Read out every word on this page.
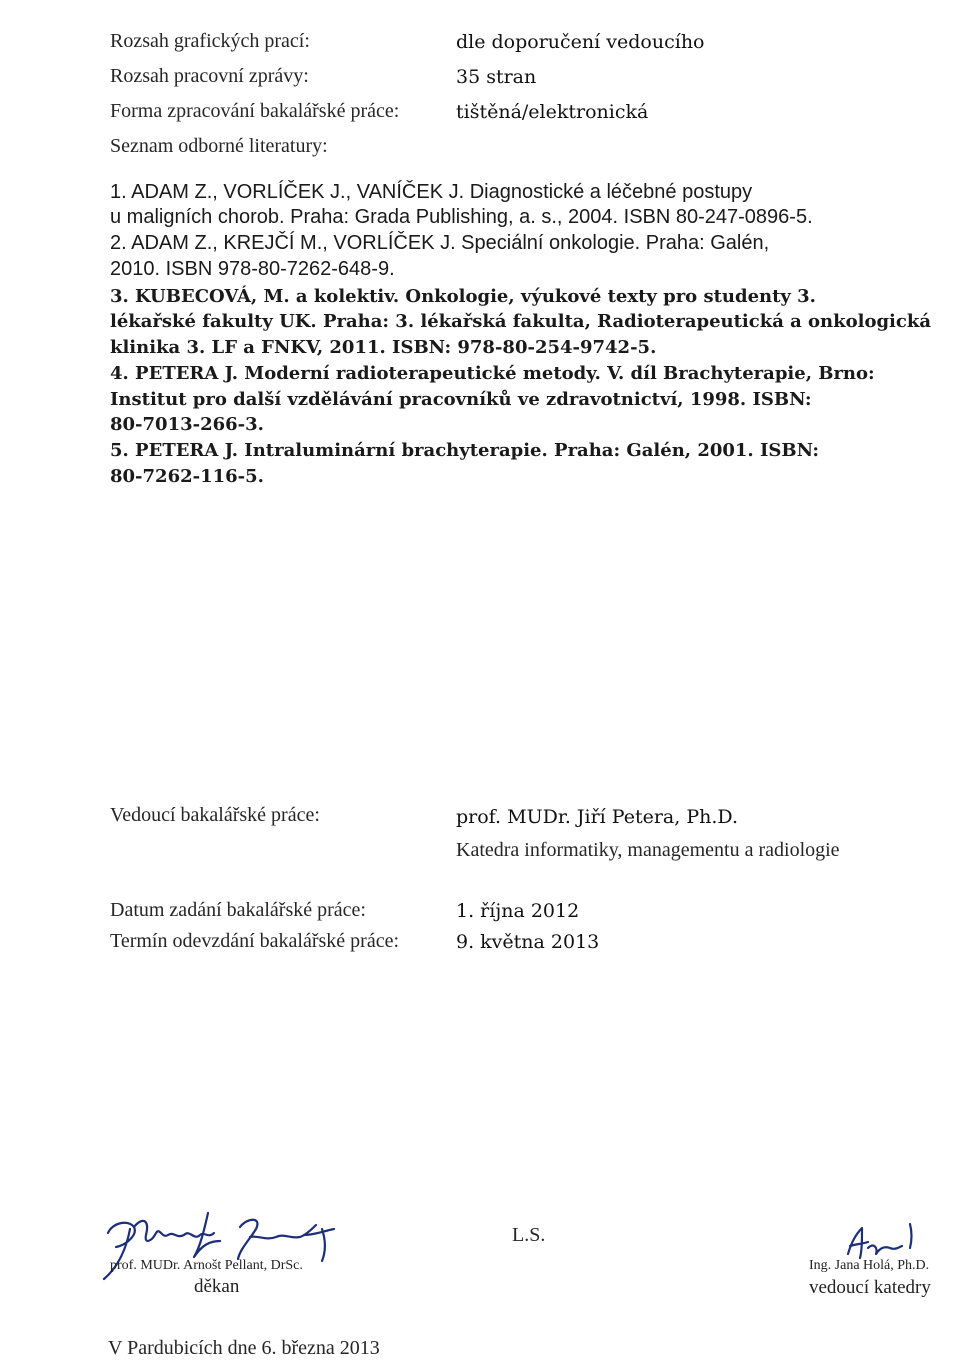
Rozsah grafických prací:	dle doporučení vedoucího
Rozsah pracovní zprávy:	35 stran
Forma zpracování bakalářské práce:	tištěná/elektronická
Seznam odborné literatury:
1. ADAM Z., VORLÍČEK J., VANÍČEK J. Diagnostické a léčebné postupy
u maligních chorob. Praha: Grada Publishing, a. s., 2004. ISBN 80-247-0896-5.
2. ADAM Z., KREJČÍ M., VORLÍČEK J. Speciální onkologie. Praha: Galén,
2010. ISBN 978-80-7262-648-9.
3. KUBECOVÁ, M. a kolektiv. Onkologie, výukové texty pro studenty 3.
lékařské fakulty UK. Praha: 3. lékařská fakulta, Radioterapeutická a onkologická
klinika 3. LF a FNKV, 2011. ISBN: 978-80-254-9742-5.
4. PETERA J. Moderní radioterapeutické metody. V. díl Brachyterapie, Brno:
Institut pro další vzdělávání pracovníků ve zdravotnictví, 1998. ISBN:
80-7013-266-3.
5. PETERA J. Intraluminární brachyterapie. Praha: Galén, 2001. ISBN:
80-7262-116-5.
Vedoucí bakalářské práce:	prof. MUDr. Jiří Petera, Ph.D.
Katedra informatiky, managementu a radiologie
Datum zadání bakalářské práce:	1. října 2012
Termín odevzdání bakalářské práce:	9. května 2013
prof. MUDr. Arnošt Pellant, DrSc.
děkan
L.S.
Ing. Jana Holá, Ph.D.
vedoucí katedry
V Pardubicích dne 6. března 2013
